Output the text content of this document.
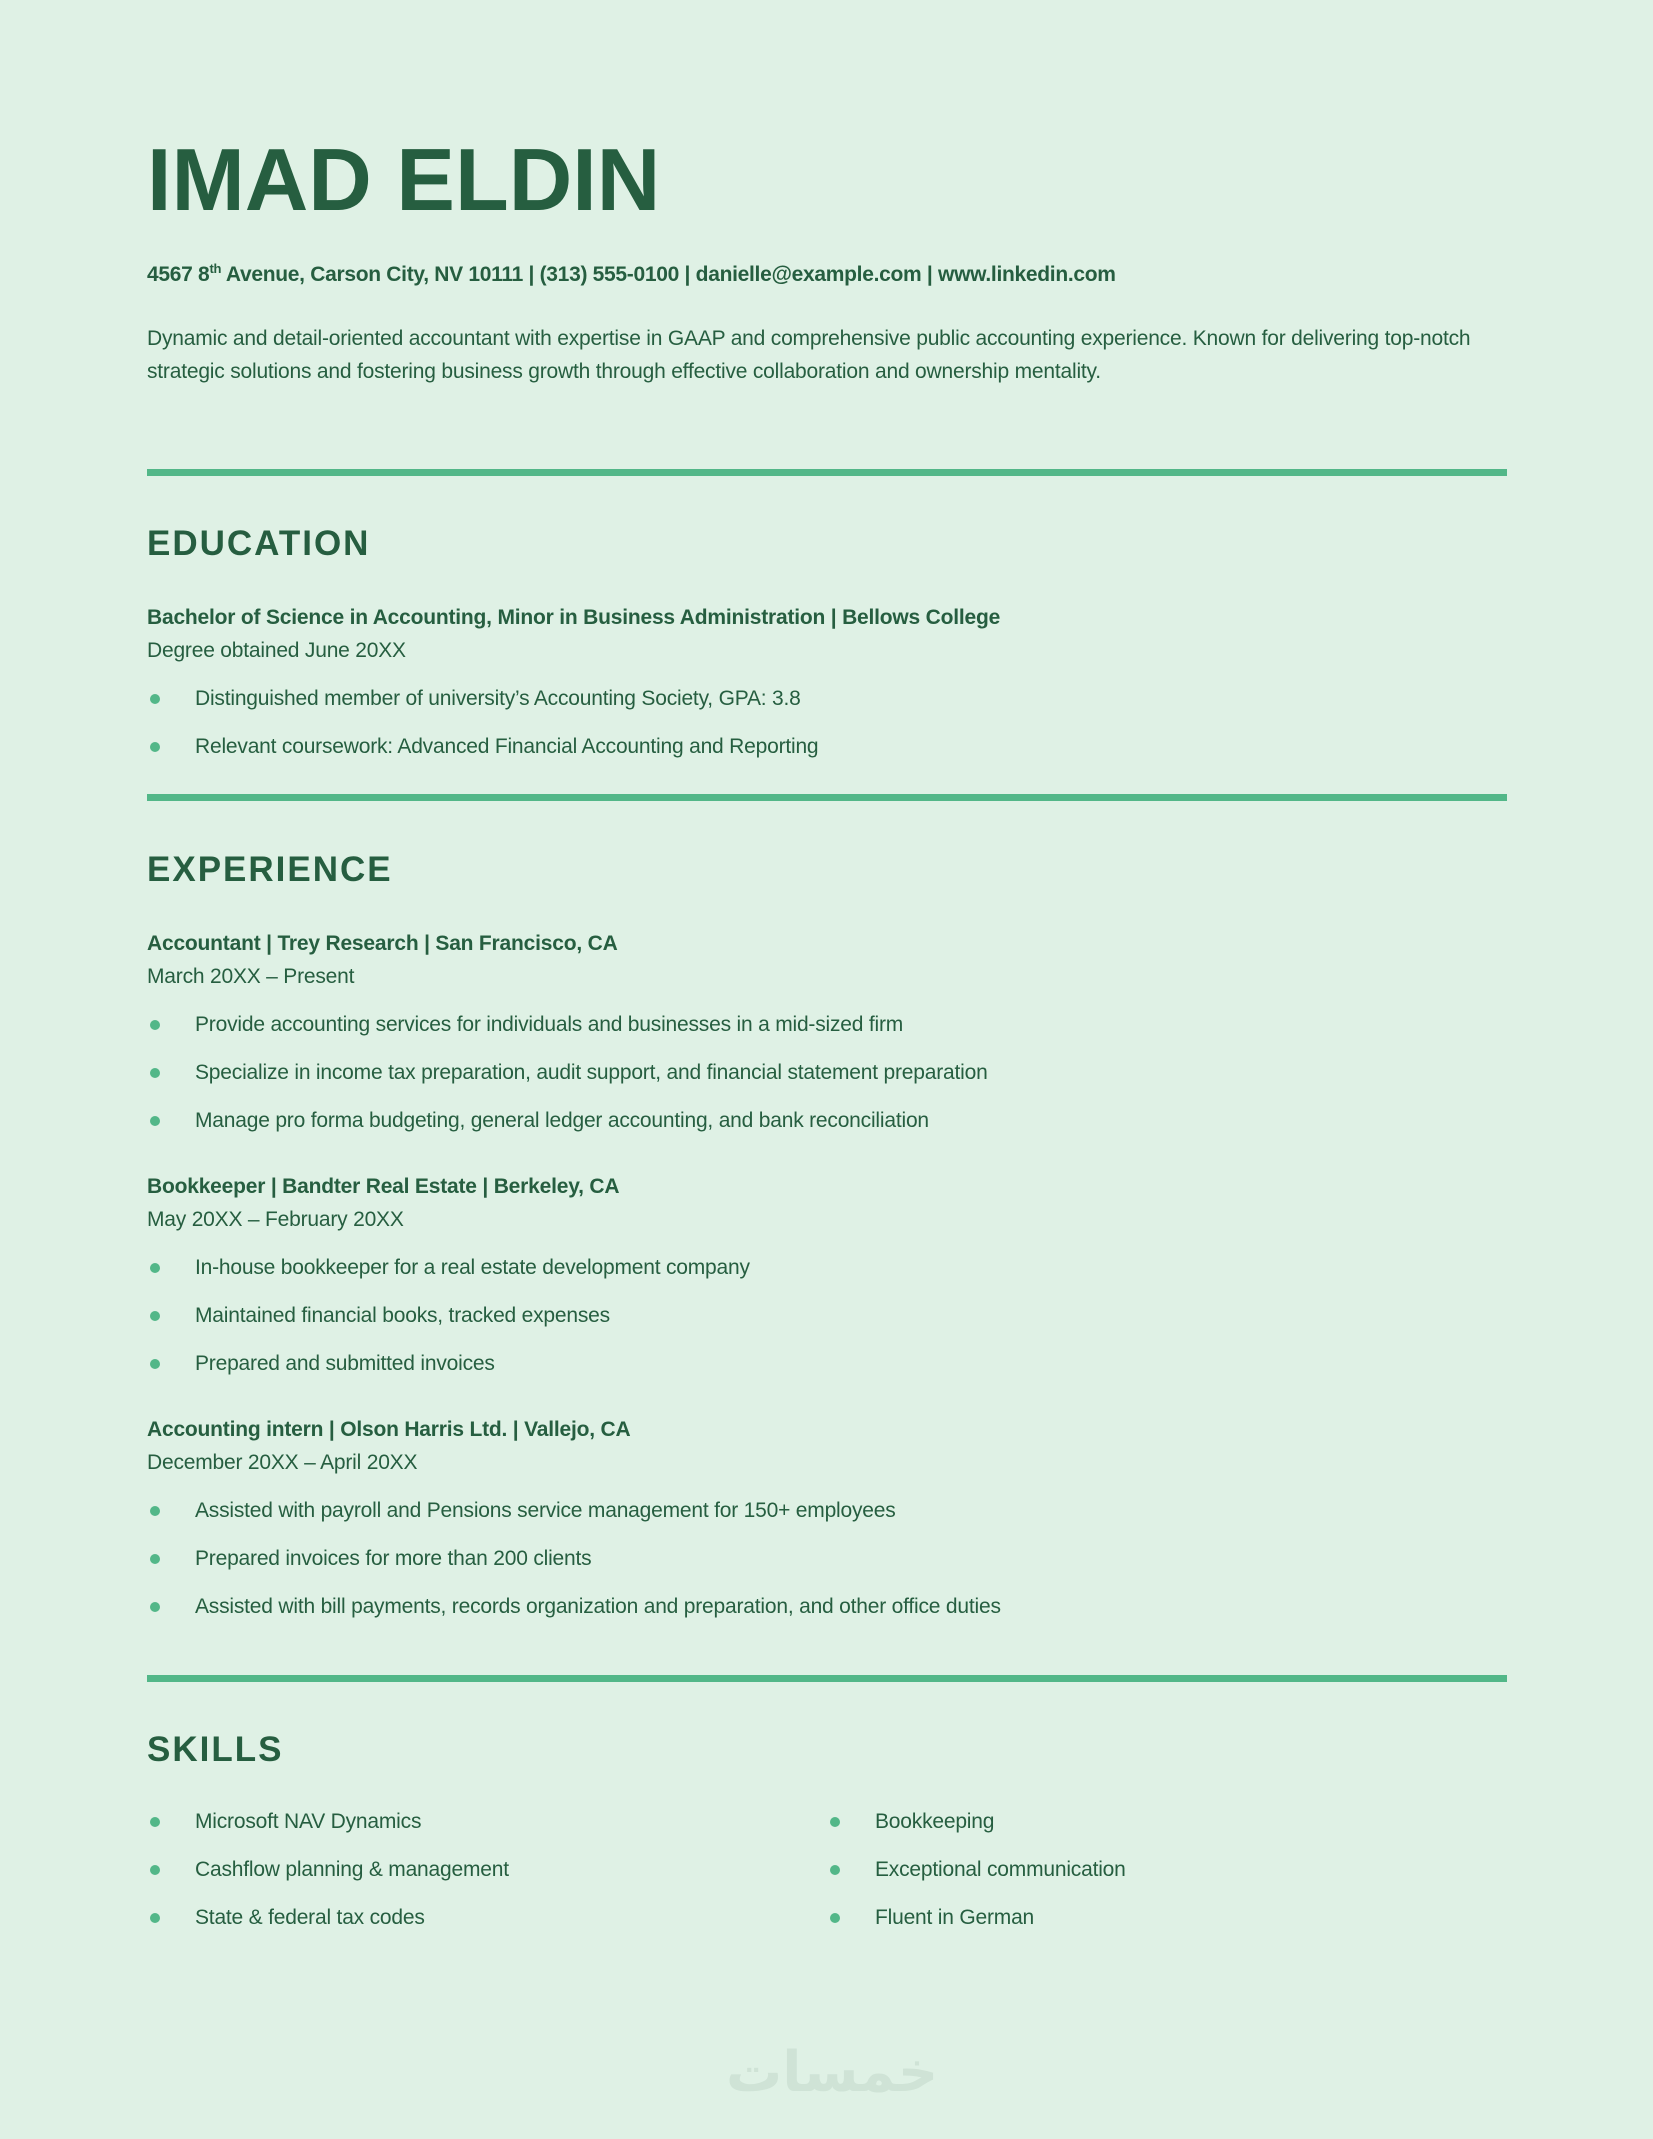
IMAD ELDIN
4567 8th Avenue, Carson City, NV 10111 | (313) 555-0100 | danielle@example.com | www.linkedin.com
Dynamic and detail-oriented accountant with expertise in GAAP and comprehensive public accounting experience. Known for delivering top-notch strategic solutions and fostering business growth through effective collaboration and ownership mentality.
EDUCATION
Bachelor of Science in Accounting, Minor in Business Administration | Bellows College
Degree obtained June 20XX
Distinguished member of university’s Accounting Society, GPA: 3.8
Relevant coursework: Advanced Financial Accounting and Reporting
EXPERIENCE
Accountant | Trey Research | San Francisco, CA
March 20XX – Present
Provide accounting services for individuals and businesses in a mid-sized firm
Specialize in income tax preparation, audit support, and financial statement preparation
Manage pro forma budgeting, general ledger accounting, and bank reconciliation
Bookkeeper | Bandter Real Estate | Berkeley, CA
May 20XX – February 20XX
In-house bookkeeper for a real estate development company
Maintained financial books, tracked expenses
Prepared and submitted invoices
Accounting intern | Olson Harris Ltd. | Vallejo, CA
December 20XX – April 20XX
Assisted with payroll and Pensions service management for 150+ employees
Prepared invoices for more than 200 clients
Assisted with bill payments, records organization and preparation, and other office duties
SKILLS
Microsoft NAV Dynamics
Cashflow planning & management
State & federal tax codes
Bookkeeping
Exceptional communication
Fluent in German
خمسات
